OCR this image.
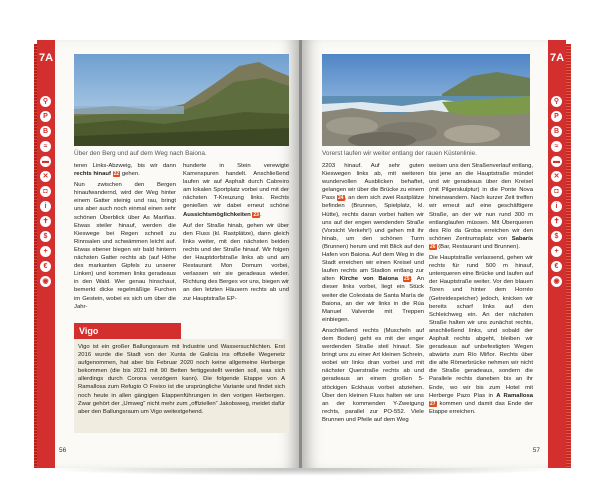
7A
⚲
P
B
≈
▬
✕
◘
i
✝
$
+
€
◉
Über den Berg und auf dem Weg nach Baiona.

teren Links-Abzweig, bis wir dann rechts hinauf 22 gehen.

Nun zwischen den Bergen hinaufwandernd, wird der Weg hinter einem Gatter steinig und rau, bringt uns aber auch noch einmal einen sehr schönen Überblick über As Mariñas. Etwas steiler hinauf, werden die Kieswege bei Regen schnell zu Rinnsalen und schwämmen leicht auf. Etwas ebener biegen wir bald hinterm nächsten Gatter rechts ab (auf Höhe des markanten Gipfels zu unserer Linken) und kommen links geradeaus in den Wald. Wer genau hinschaut, bemerkt dicke regelmäßige Furchen im Gestein, wobei es sich um über die Jahr-

hunderte in Stein verewigte Karrenspuren handelt. Anschließend laufen wir auf Asphalt durch Cabreiro am lokalen Sportplatz vorbei und mit der nächsten T-Kreuzung links. Rechts genießen wir dabei erneut schöne Aussichtsmöglichkeiten 23.

Auf der Straße hinab, gehen wir über den Fluss (kl. Rastplätze), dann gleich links weiter, mit den nächsten beiden rechts und der Straße hinauf. Wir folgen der Hauptdorfstraße links ab und am Restaurant Mon Domum vorbei, verlassen wir sie geradeaus wieder. Richtung des Berges vor uns, biegen wir an den letzten Häusern rechts ab und zur Hauptstraße EP-

Vigo

Vigo ist ein großer Ballungsraum mit Industrie und Wassersuchlichten. Erst 2016 wurde die Stadt von der Xunta de Galicia ins offizielle Wegenetz aufgenommen, hat aber bis Februar 2020 noch keine allgemeine Herberge bekommen (die bis 2021 mit 90 Betten fertiggestellt werden soll, was sich allerdings durch Corona verzögern kann). Die folgende Etappe von A Ramallosa zum Refugio O Freixo ist die ursprüngliche Variante und findet sich noch heute in allen gängigen Etappenführungen in den vorigen Herbergen. Zwar gehört der „Umweg“ nicht mehr zum „offiziellen“ Jakobsweg, meidet dafür aber den Ballungsraum um Vigo weitestgehend.

56
7A
⚲
P
B
≈
▬
✕
◘
i
✝
$
+
€
◉
Vorerst laufen wir weiter entlang der rauen Küstenlinie.

2203 hinauf. Auf sehr guten Kieswegen links ab, mit weiteren wundervollen Ausblicken behaftet, gelangen wir über die Brücke zu einem Pass 24, an dem sich zwei Rastplätze befinden (Brunnen, Spielplatz, kl. Hütte), rechts daran vorbei halten wir uns auf der engen wendenden Straße (Vorsicht Verkehr!) und gehen mit ihr hinab, um den schönen Turm (Brunnen) herum und mit Blick auf den Hafen von Baiona. Auf dem Weg in die Stadt erreichen wir einen Kreisel und laufen rechts am Stadion entlang zur alten Kirche von Baiona 25. An dieser links vorbei, liegt ein Stück weiter die Colexiata de Santa María de Baiona, an der wir links in die Rúa Manuel Valverde mit Treppen einbiegen.

Anschließend rechts (Muscheln auf dem Boden) geht es mit der enger werdenden Straße steil hinauf. Sie bringt uns zu einer Art kleinen Schrein, wobei wir links dran vorbei und mit nächster Querstraße rechts ab und geradeaus an einem großen 5-stöckigen Eckhaus vorbei abziehen. Über den kleinen Fluss halten wir uns an der kommenden Y-Zweigung rechts, parallel zur PO-552. Viele Brunnen und Pfeile auf dem Weg

weisen uns den Straßenverlauf entlang, bis jene an die Hauptstraße mündet und wir geradeaus über den Kreisel (mit Pilgerskulptur) in die Ponte Nova hineinwandern. Nach kurzer Zeit treffen wir erneut auf eine geschäftigere Straße, an der wir nun rund 300 m entlanglaufen müssen. Mit Überqueren des Río da Groba erreichen wir den schönen Zentrumsplatz von Sabarís 26 (Bar, Restaurant und Brunnen).

Die Hauptstraße verlassend, gehen wir rechts für rund 500 m hinauf, unterqueren eine Brücke und laufen auf der Hauptstraße weiter. Vor den blauen Toren und hinter dem Horréo (Getreidespeicher) jedoch, knicken wir bereits scharf links auf den Schleichweg ein. An der nächsten Straße halten wir uns zunächst rechts, anschließend links, und sobald der Asphalt rechts abgeht, bleiben wir geradeaus auf unbefestigten Wegen abwärts zum Río Miñor. Rechts über die alte Römerbrücke nehmen wir nicht die Straße geradeaus, sondern die Parallele rechts daneben bis an ihr Ende, wo wir bis zum Hotel mit Herberge Pazo Pías in A Ramallosa 27 kommen und damit das Ende der Etappe erreichen.

57
